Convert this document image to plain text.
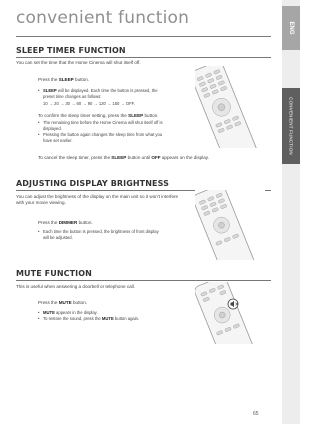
convenient function	ENG
CONVENIENT FUNCTION
SLEEP TIMER FUNCTION
You can set the time that the Home Cinema will shut itself off.
Press the SLEEP button.
• SLEEP will be displayed. Each time the button is pressed, the preset time changes as follows:
10 → 20 → 30 → 60 → 90 → 120 → 150 → OFF.
To confirm the sleep timer setting, press the SLEEP button.
• The remaining time before the Home Cinema will shut itself off is displayed.
• Pressing the button again changes the sleep time from what you have set earlier.
To cancel the sleep timer, press the SLEEP button until OFF appears on the display.
ADJUSTING DISPLAY BRIGHTNESS
You can adjust the brightness of the display on the main unit so it won't interfere with your movie viewing.
Press the DIMMER button.
• Each time the button is pressed, the brightness of front display will be adjusted.
MUTE FUNCTION
This is useful when answering a doorbell or telephone call.
Press the MUTE button.
• MUTE appears in the display.
• To restore the sound, press the MUTE button again.
65
